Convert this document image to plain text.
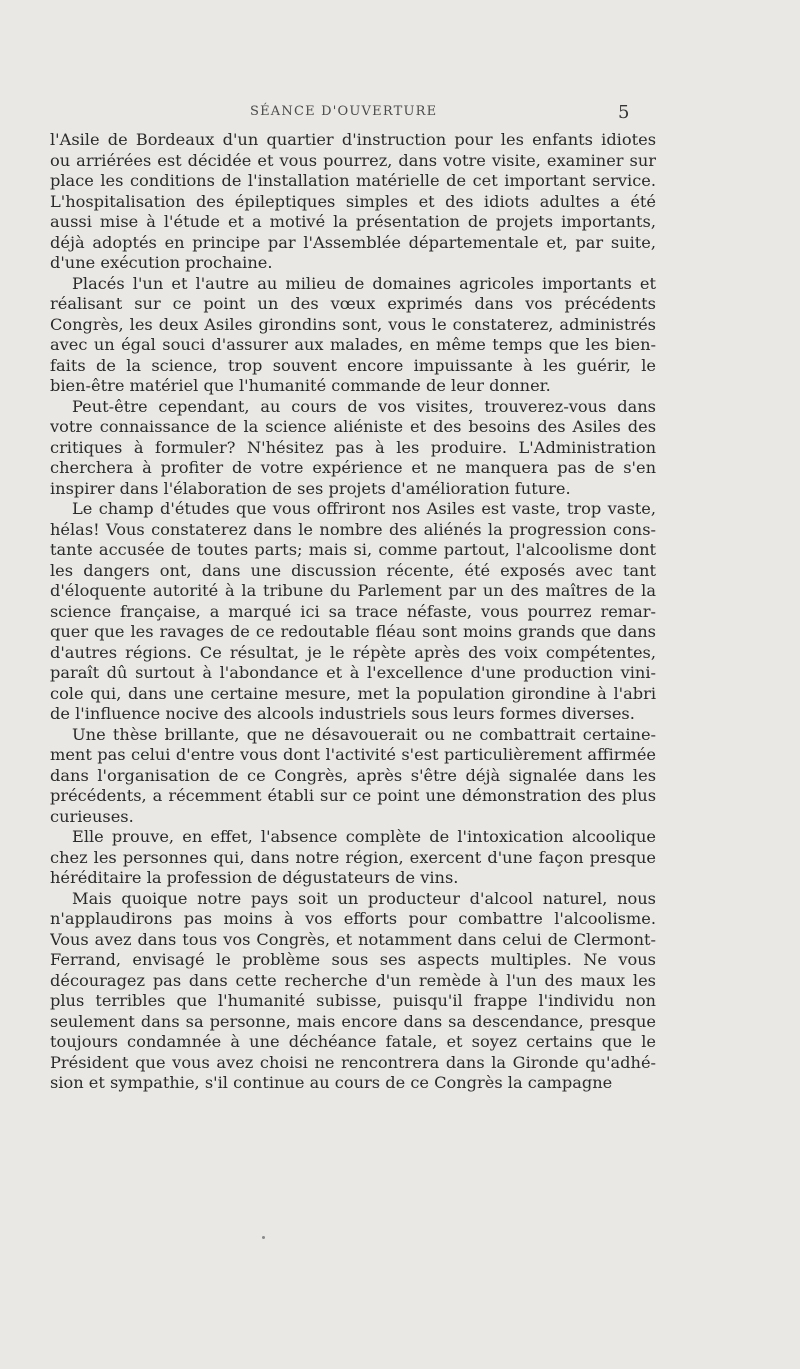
SÉANCE D'OUVERTURE	5
l'Asile de Bordeaux d'un quartier d'instruction pour les enfants idiotes
ou arriérées est décidée et vous pourrez, dans votre visite, examiner sur
place les conditions de l'installation matérielle de cet important service.
L'hospitalisation des épileptiques simples et des idiots adultes a été
aussi mise à l'étude et a motivé la présentation de projets importants,
déjà adoptés en principe par l'Assemblée départementale et, par suite,
d'une exécution prochaine.
Placés l'un et l'autre au milieu de domaines agricoles importants et
réalisant sur ce point un des vœux exprimés dans vos précédents
Congrès, les deux Asiles girondins sont, vous le constaterez, administrés
avec un égal souci d'assurer aux malades, en même temps que les bien-
faits de la science, trop souvent encore impuissante à les guérir, le
bien-être matériel que l'humanité commande de leur donner.
Peut-être cependant, au cours de vos visites, trouverez-vous dans
votre connaissance de la science aliéniste et des besoins des Asiles des
critiques à formuler? N'hésitez pas à les produire. L'Administration
cherchera à profiter de votre expérience et ne manquera pas de s'en
inspirer dans l'élaboration de ses projets d'amélioration future.
Le champ d'études que vous offriront nos Asiles est vaste, trop vaste,
hélas! Vous constaterez dans le nombre des aliénés la progression cons-
tante accusée de toutes parts; mais si, comme partout, l'alcoolisme dont
les dangers ont, dans une discussion récente, été exposés avec tant
d'éloquente autorité à la tribune du Parlement par un des maîtres de la
science française, a marqué ici sa trace néfaste, vous pourrez remar-
quer que les ravages de ce redoutable fléau sont moins grands que dans
d'autres régions. Ce résultat, je le répète après des voix compétentes,
paraît dû surtout à l'abondance et à l'excellence d'une production vini-
cole qui, dans une certaine mesure, met la population girondine à l'abri
de l'influence nocive des alcools industriels sous leurs formes diverses.
Une thèse brillante, que ne désavouerait ou ne combattrait certaine-
ment pas celui d'entre vous dont l'activité s'est particulièrement affirmée
dans l'organisation de ce Congrès, après s'être déjà signalée dans les
précédents, a récemment établi sur ce point une démonstration des plus
curieuses.
Elle prouve, en effet, l'absence complète de l'intoxication alcoolique
chez les personnes qui, dans notre région, exercent d'une façon presque
héréditaire la profession de dégustateurs de vins.
Mais quoique notre pays soit un producteur d'alcool naturel, nous
n'applaudirons pas moins à vos efforts pour combattre l'alcoolisme.
Vous avez dans tous vos Congrès, et notamment dans celui de Clermont-
Ferrand, envisagé le problème sous ses aspects multiples. Ne vous
découragez pas dans cette recherche d'un remède à l'un des maux les
plus terribles que l'humanité subisse, puisqu'il frappe l'individu non
seulement dans sa personne, mais encore dans sa descendance, presque
toujours condamnée à une déchéance fatale, et soyez certains que le
Président que vous avez choisi ne rencontrera dans la Gironde qu'adhé-
sion et sympathie, s'il continue au cours de ce Congrès la campagne
